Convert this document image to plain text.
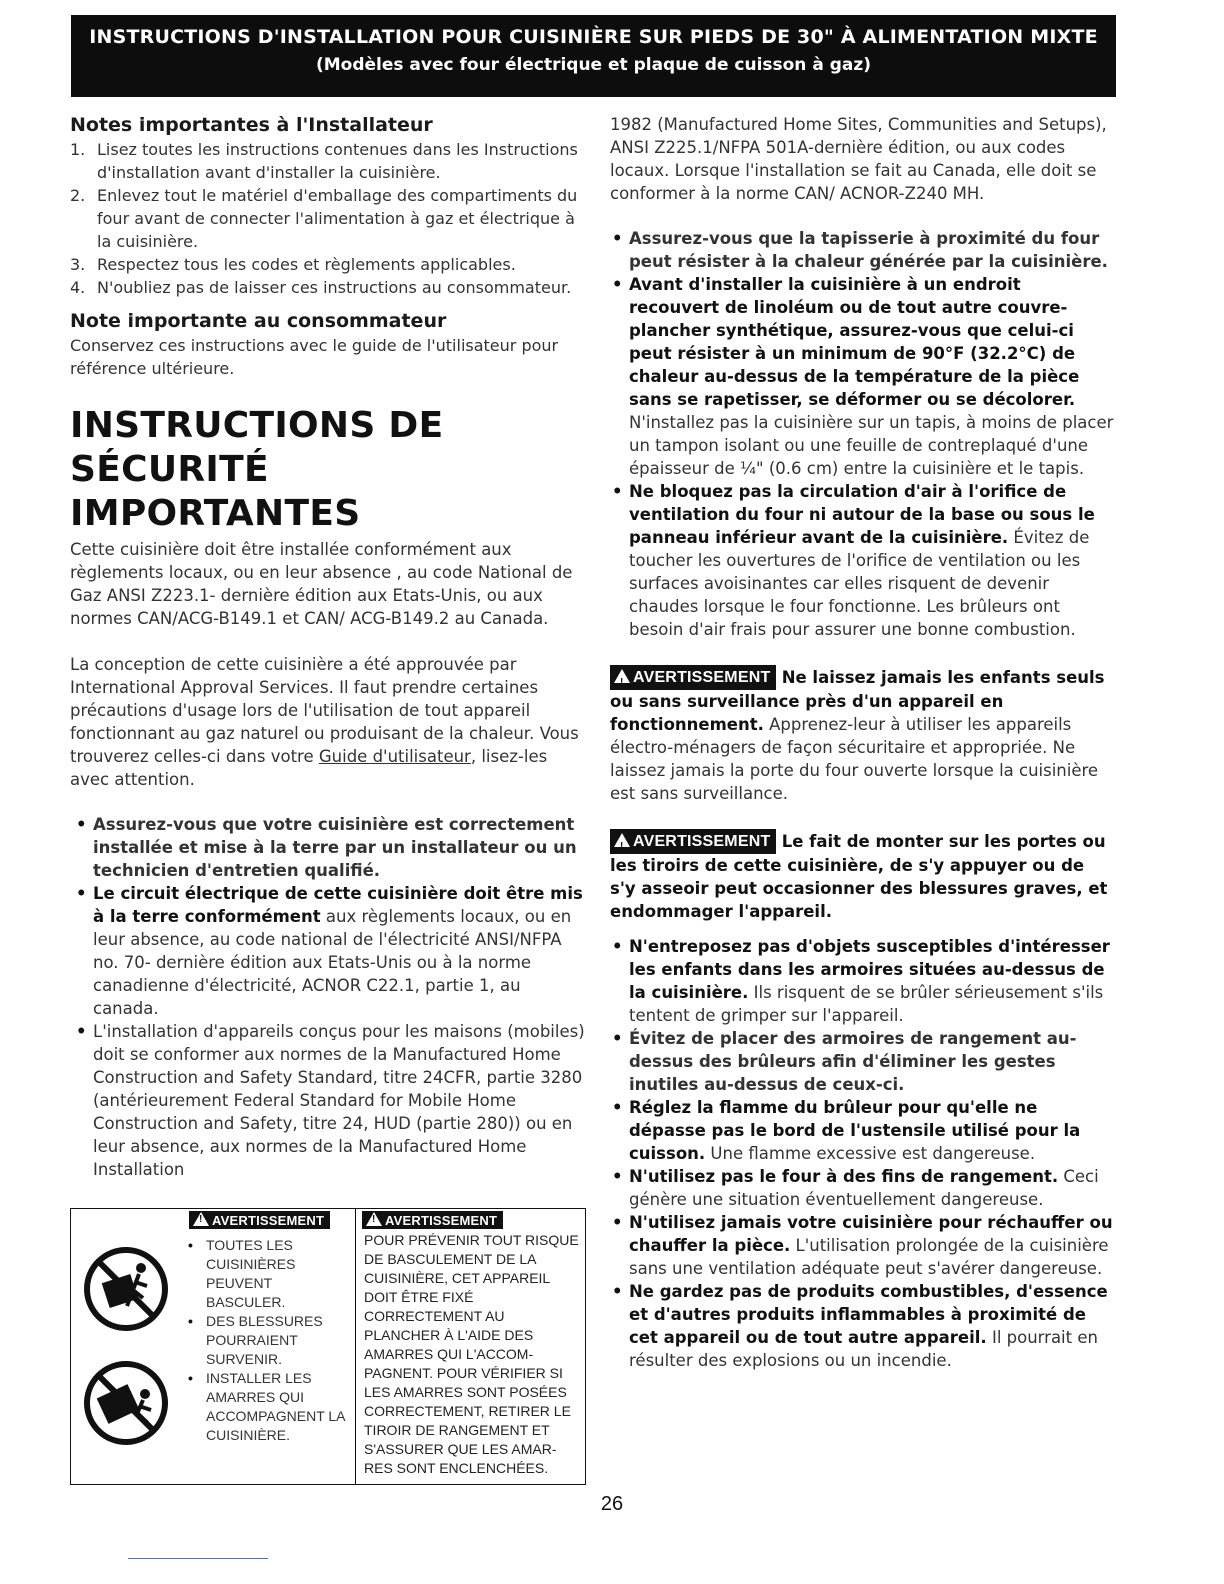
INSTRUCTIONS D'INSTALLATION POUR CUISINIÈRE SUR PIEDS DE 30" À ALIMENTATION MIXTE
(Modèles avec four électrique et plaque de cuisson à gaz)
Notes importantes à l'Installateur
1. Lisez toutes les instructions contenues dans les Instructions d'installation avant d'installer la cuisinière.
2. Enlevez tout le matériel d'emballage des compartiments du four avant de connecter l'alimentation à gaz et électrique à la cuisinière.
3. Respectez tous les codes et règlements applicables.
4. N'oubliez pas de laisser ces instructions au consommateur.
Note importante au consommateur

Conservez ces instructions avec le guide de l'utilisateur pour référence ultérieure.

INSTRUCTIONS DE SÉCURITÉ
IMPORTANTES

Cette cuisinière doit être installée conformément aux règlements locaux, ou en leur absence , au code National de Gaz ANSI Z223.1- dernière édition aux Etats-Unis, ou aux normes CAN/ACG-B149.1 et CAN/ ACG-B149.2 au Canada.

La conception de cette cuisinière a été approuvée par International Approval Services. Il faut prendre certaines précautions d'usage lors de l'utilisation de tout appareil fonctionnant au gaz naturel ou produisant de la chaleur. Vous trouverez celles-ci dans votre Guide d'utilisateur, lisez-les avec attention.

• Assurez-vous que votre cuisinière est correctement installée et mise à la terre par un installateur ou un technicien d'entretien qualifié.
• Le circuit électrique de cette cuisinière doit être mis à la terre conformément aux règlements locaux, ou en leur absence, au code national de l'électricité ANSI/NFPA no. 70- dernière édition aux Etats-Unis ou à la norme canadienne d'électricité, ACNOR C22.1, partie 1, au canada.
• L'installation d'appareils conçus pour les maisons (mobiles) doit se conformer aux normes de la Manufactured Home Construction and Safety Standard, titre 24CFR, partie 3280 (antérieurement Federal Standard for Mobile Home Construction and Safety, titre 24, HUD (partie 280)) ou en leur absence, aux normes de la Manufactured Home Installation
!AVERTISSEMENT
!	AVERTISSEMENT
• TOUTES LES CUISINIÈRES PEUVENT BASCULER.
• DES BLESSURES POURRAIENT SURVENIR.
• INSTALLER LES AMARRES QUI ACCOMPAGNENT LA CUISINIÈRE.

POUR PRÉVENIR TOUT RISQUE DE BASCULEMENT DE LA CUISINIÈRE, CET APPAREIL DOIT ÊTRE FIXÉ CORRECTEMENT AU PLANCHER À L'AIDE DES AMARRES QUI L'ACCOM-PAGNENT. POUR VÉRIFIER SI LES AMARRES SONT POSÉES CORRECTEMENT, RETIRER LE TIROIR DE RANGEMENT ET S'ASSURER QUE LES AMAR-RES SONT ENCLENCHÉES.

1982 (Manufactured Home Sites, Communities and Setups), ANSI Z225.1/NFPA 501A-dernière édition, ou aux codes locaux. Lorsque l'installation se fait au Canada, elle doit se conformer à la norme CAN/ ACNOR-Z240 MH.

• Assurez-vous que la tapisserie à proximité du four peut résister à la chaleur générée par la cuisinière.
• Avant d'installer la cuisinière à un endroit recouvert de linoléum ou de tout autre couvre-plancher synthétique, assurez-vous que celui-ci peut résister à un minimum de 90°F (32.2°C) de chaleur au-dessus de la température de la pièce sans se rapetisser, se déformer ou se décolorer. N'installez pas la cuisinière sur un tapis, à moins de placer un tampon isolant ou une feuille de contreplaqué d'une épaisseur de ¼" (0.6 cm) entre la cuisinière et le tapis.
• Ne bloquez pas la circulation d'air à l'orifice de ventilation du four ni autour de la base ou sous le panneau inférieur avant de la cuisinière. Évitez de toucher les ouvertures de l'orifice de ventilation ou les surfaces avoisinantes car elles risquent de devenir chaudes lorsque le four fonctionne. Les brûleurs ont besoin d'air frais pour assurer une bonne combustion.

!AVERTISSEMENT Ne laissez jamais les enfants seuls ou sans surveillance près d'un appareil en fonctionnement. Apprenez-leur à utiliser les appareils électro-ménagers de façon sécuritaire et appropriée. Ne laissez jamais la porte du four ouverte lorsque la cuisinière est sans surveillance.

!AVERTISSEMENT Le fait de monter sur les portes ou les tiroirs de cette cuisinière, de s'y appuyer ou de s'y asseoir peut occasionner des blessures graves, et endommager l'appareil.

• N'entreposez pas d'objets susceptibles d'intéresser les enfants dans les armoires situées au-dessus de la cuisinière. Ils risquent de se brûler sérieusement s'ils tentent de grimper sur l'appareil.
• Évitez de placer des armoires de rangement au-dessus des brûleurs afin d'éliminer les gestes inutiles au-dessus de ceux-ci.
• Réglez la flamme du brûleur pour qu'elle ne dépasse pas le bord de l'ustensile utilisé pour la cuisson. Une flamme excessive est dangereuse.
• N'utilisez pas le four à des fins de rangement. Ceci génère une situation éventuellement dangereuse.
• N'utilisez jamais votre cuisinière pour réchauffer ou chauffer la pièce. L'utilisation prolongée de la cuisinière sans une ventilation adéquate peut s'avérer dangereuse.
• Ne gardez pas de produits combustibles, d'essence et d'autres produits inflammables à proximité de cet appareil ou de tout autre appareil. Il pourrait en résulter des explosions ou un incendie.
26
